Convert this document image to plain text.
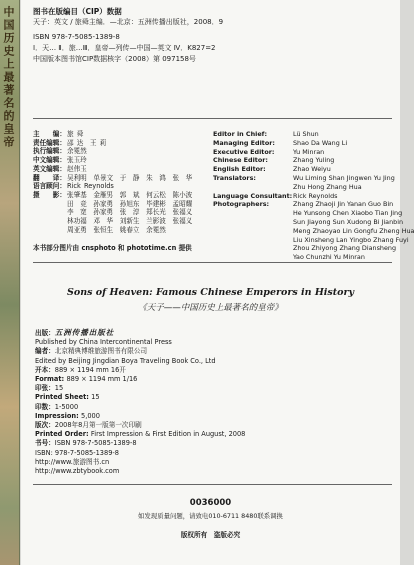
中国历史上最著名的皇帝 图书在版编目（CIP）数据
天子：英文 / 旅舜主编．—北京：五洲传播出版社，2008．9
ISBN 978-7-5085-1389-8
Ⅰ．天… Ⅱ．旅…Ⅲ．皇帝—列传—中国—英文 Ⅳ．K827=2
中国版本图书馆CIP数据核字（2008）第 097158号
主　　编： 旅 舜
责任编辑： 邵 达　王 莉
执行编辑： 余冕然
中文编辑： 张玉玲
英文编辑： 赵伟玉
翻　　译： 吴利明　单景文　于　静　朱　鸿　张　华
语言顾问： Rick Reynolds
摄　　影： 张肇基　金雁男　郭　斌　何云松　陈小波
田　竞　孙家勇　孙旭东　毕建彬　孟昭耀
李　宽　孙家勇　张　淳　郑长光　张福义
林功福　邓　华　刘新生　兰影波　张福义
周亚勇　张恒生　姚春立　余冕然
Editor in Chief:	Lü Shun
Managing Editor:	Shao Da Wang Li
Executive Editor:	Yu Minran
Chinese Editor:	Zhang Yuling
English Editor:	Zhao Weiyu
Translators:	Wu Liming Shan Jingwen Yu Jing
Zhu Hong Zhang Hua
Language Consultant: Rick Reynolds
Photographers:	Zhang Zhaoji Jin Yanan Guo Bin
He Yunsong Chen Xiaobo Tian Jing
Sun Jiayong Sun Xudong Bi Jianbin
Meng Zhaoyao Lin Gongfu Zheng Hua
Liu Xinsheng Lan Yingbo Zhang Fuyi
Zhou Zhiyong Zhang Diansheng
Yao Chunzhi Yu Minran
本书部分图片由 cnsphoto 和 phototime.cn 提供
Sons of Heaven: Famous Chinese Emperors in History
《天子——中国历史上最著名的皇帝》
出版：五洲传播出版社
Published by China Intercontinental Press
编者：北京精典博维旅游图书有限公司
Edited by Beijing Jingdian Boya Traveling Book Co., Ltd
开本：889 × 1194 mm 16开
Format: 889 × 1194 mm 1/16
印张：15
Printed Sheet: 15
印数：1-5000
Impression: 5,000
版次：2008年8月第一版第一次印刷
Printed Order: First Impression & First Edition in August, 2008
书号：ISBN 978-7-5085-1389-8
ISBN: 978-7-5085-1389-8
http://www.旅游图书.cn
http://www.zbtybook.com
0036000
如发现质量问题，请致电010-6711 8480联系调换
版权所有　盗版必究
